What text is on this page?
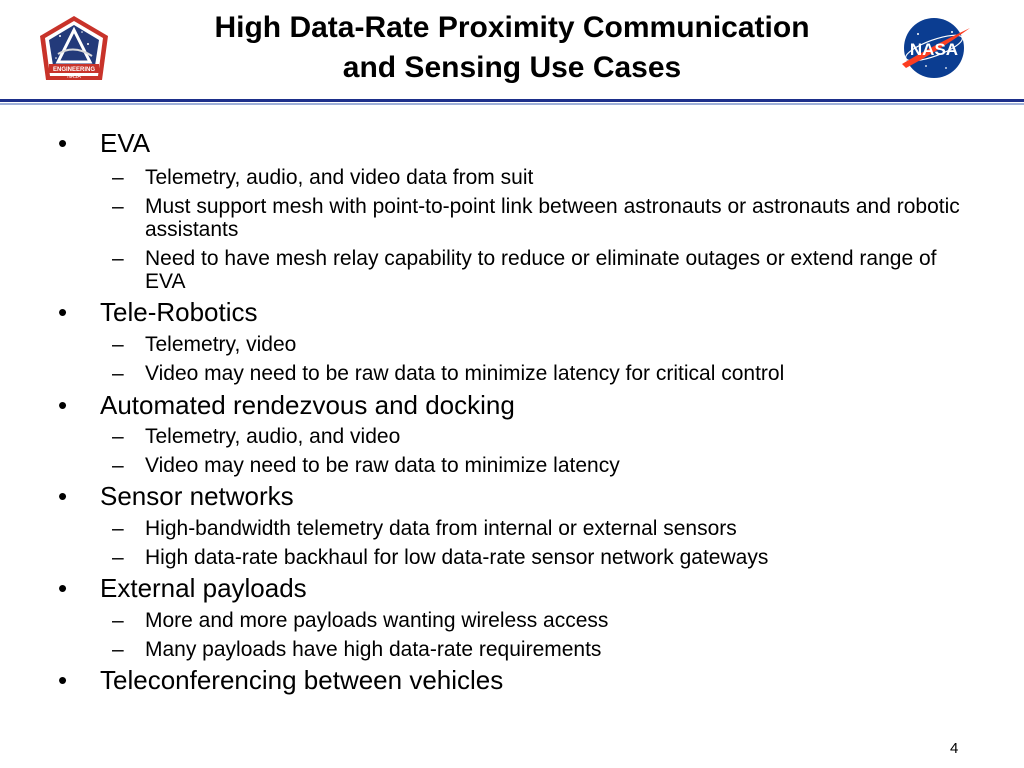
ENGINEERING
NASA
High Data-Rate Proximity Communication
and Sensing Use Cases
NASA
• EVA
– Telemetry, audio, and video data from suit
– Must support mesh with point-to-point link between astronauts or astronauts and robotic assistants
– Need to have mesh relay capability to reduce or eliminate outages or extend range of EVA
• Tele-Robotics
– Telemetry, video
– Video may need to be raw data to minimize latency for critical control
• Automated rendezvous and docking
– Telemetry, audio, and video
– Video may need to be raw data to minimize latency
• Sensor networks
– High-bandwidth telemetry data from internal or external sensors
– High data-rate backhaul for low data-rate sensor network gateways
• External payloads
– More and more payloads wanting wireless access
– Many payloads have high data-rate requirements
• Teleconferencing between vehicles
4
